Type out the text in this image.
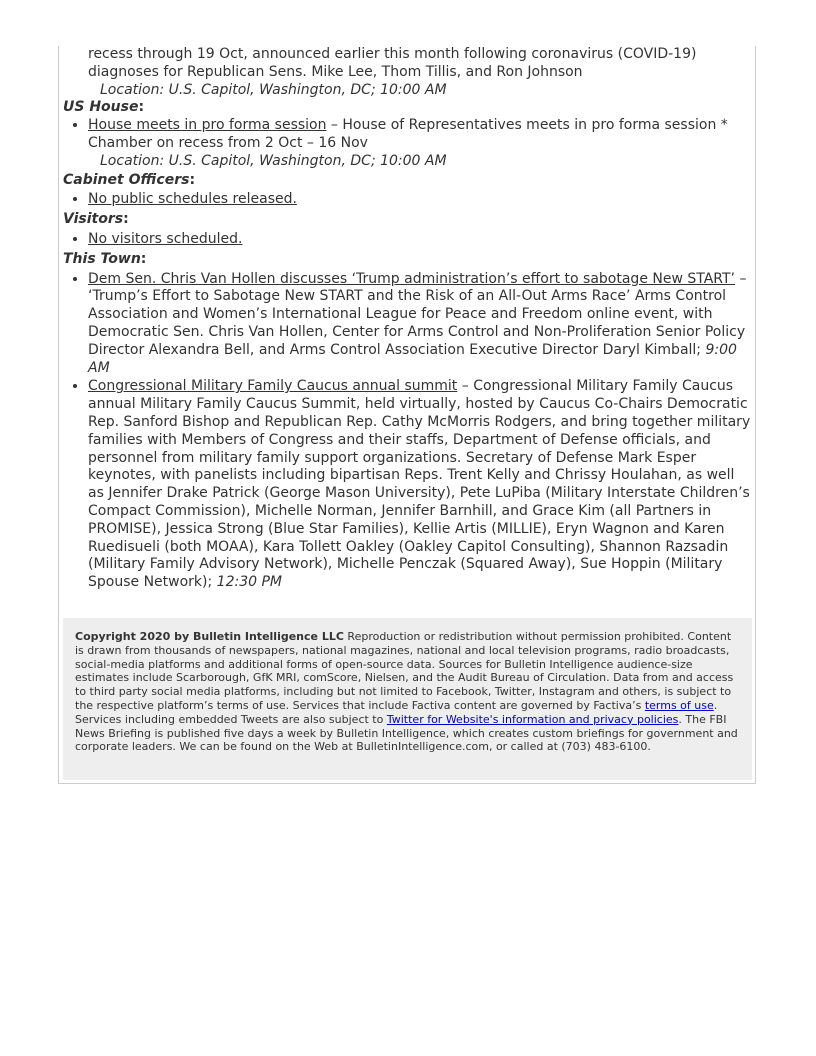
recess through 19 Oct, announced earlier this month following coronavirus (COVID-19)
diagnoses for Republican Sens. Mike Lee, Thom Tillis, and Ron Johnson
Location: U.S. Capitol, Washington, DC; 10:00 AM
US House:
• House meets in pro forma session – House of Representatives meets in pro forma session * Chamber on recess from 2 Oct – 16 Nov
Location: U.S. Capitol, Washington, DC; 10:00 AM
Cabinet Officers:
• No public schedules released.
Visitors:
• No visitors scheduled.
This Town:
• Dem Sen. Chris Van Hollen discusses ‘Trump administration’s effort to sabotage New START’ – ‘Trump’s Effort to Sabotage New START and the Risk of an All-Out Arms Race’ Arms Control Association and Women’s International League for Peace and Freedom online event, with Democratic Sen. Chris Van Hollen, Center for Arms Control and Non-Proliferation Senior Policy Director Alexandra Bell, and Arms Control Association Executive Director Daryl Kimball; 9:00 AM
• Congressional Military Family Caucus annual summit – Congressional Military Family Caucus annual Military Family Caucus Summit, held virtually, hosted by Caucus Co-Chairs Democratic Rep. Sanford Bishop and Republican Rep. Cathy McMorris Rodgers, and bring together military families with Members of Congress and their staffs, Department of Defense officials, and personnel from military family support organizations. Secretary of Defense Mark Esper keynotes, with panelists including bipartisan Reps. Trent Kelly and Chrissy Houlahan, as well as Jennifer Drake Patrick (George Mason University), Pete LuPiba (Military Interstate Children’s Compact Commission), Michelle Norman, Jennifer Barnhill, and Grace Kim (all Partners in PROMISE), Jessica Strong (Blue Star Families), Kellie Artis (MILLIE), Eryn Wagnon and Karen Ruedisueli (both MOAA), Kara Tollett Oakley (Oakley Capitol Consulting), Shannon Razsadin (Military Family Advisory Network), Michelle Penczak (Squared Away), Sue Hoppin (Military Spouse Network); 12:30 PM
Copyright 2020 by Bulletin Intelligence LLC Reproduction or redistribution without permission prohibited. Content is drawn from thousands of newspapers, national magazines, national and local television programs, radio broadcasts, social-media platforms and additional forms of open-source data. Sources for Bulletin Intelligence audience-size estimates include Scarborough, GfK MRI, comScore, Nielsen, and the Audit Bureau of Circulation. Data from and access to third party social media platforms, including but not limited to Facebook, Twitter, Instagram and others, is subject to the respective platform’s terms of use. Services that include Factiva content are governed by Factiva’s terms of use. Services including embedded Tweets are also subject to Twitter for Website's information and privacy policies. The FBI News Briefing is published five days a week by Bulletin Intelligence, which creates custom briefings for government and corporate leaders. We can be found on the Web at BulletinIntelligence.com, or called at (703) 483-6100.
